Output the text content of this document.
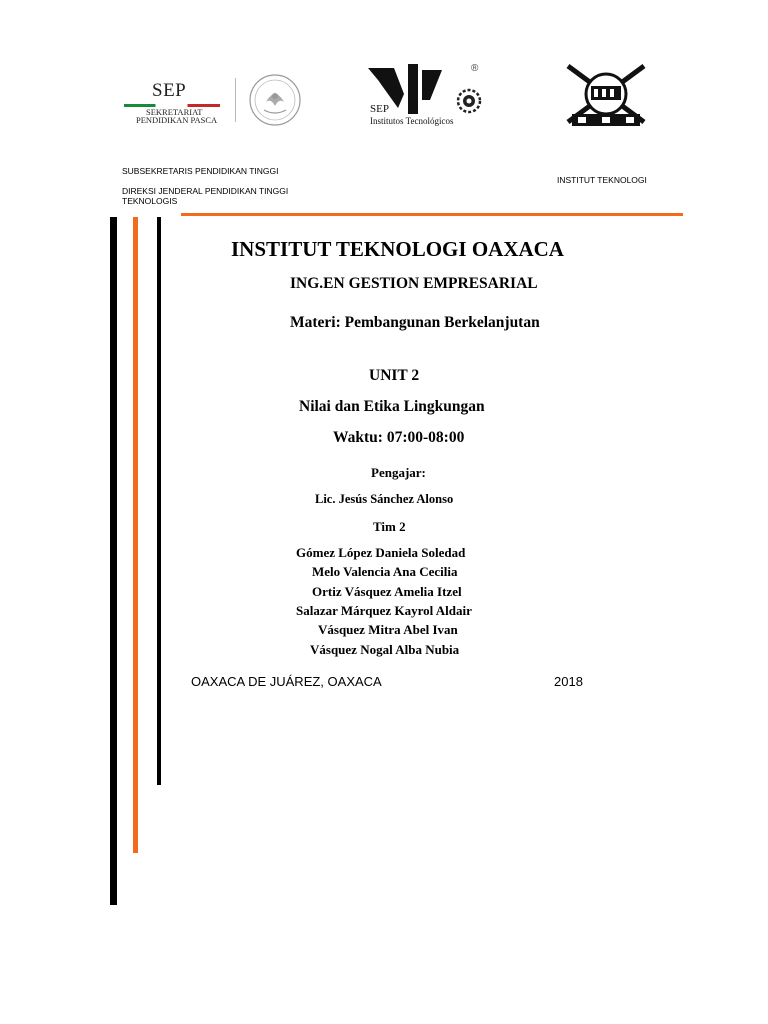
SEP
SEKRETARIAT
PENDIDIKAN PASCA
SEP
Institutos Tecnológicos
®
SUBSEKRETARIS PENDIDIKAN TINGGI
DIREKSI JENDERAL PENDIDIKAN TINGGI
TEKNOLOGIS
INSTITUT TEKNOLOGI
INSTITUT TEKNOLOGI OAXACA
ING.EN GESTION EMPRESARIAL
Materi: Pembangunan Berkelanjutan
UNIT 2
Nilai dan Etika Lingkungan
Waktu: 07:00-08:00
Pengajar:
Lic. Jesús Sánchez Alonso
Tim 2
Gómez López Daniela Soledad
Melo Valencia Ana Cecilia
Ortiz Vásquez Amelia Itzel
Salazar Márquez Kayrol Aldair
Vásquez Mitra Abel Ivan
Vásquez Nogal Alba Nubia
OAXACA DE JUÁREZ, OAXACA	2018
